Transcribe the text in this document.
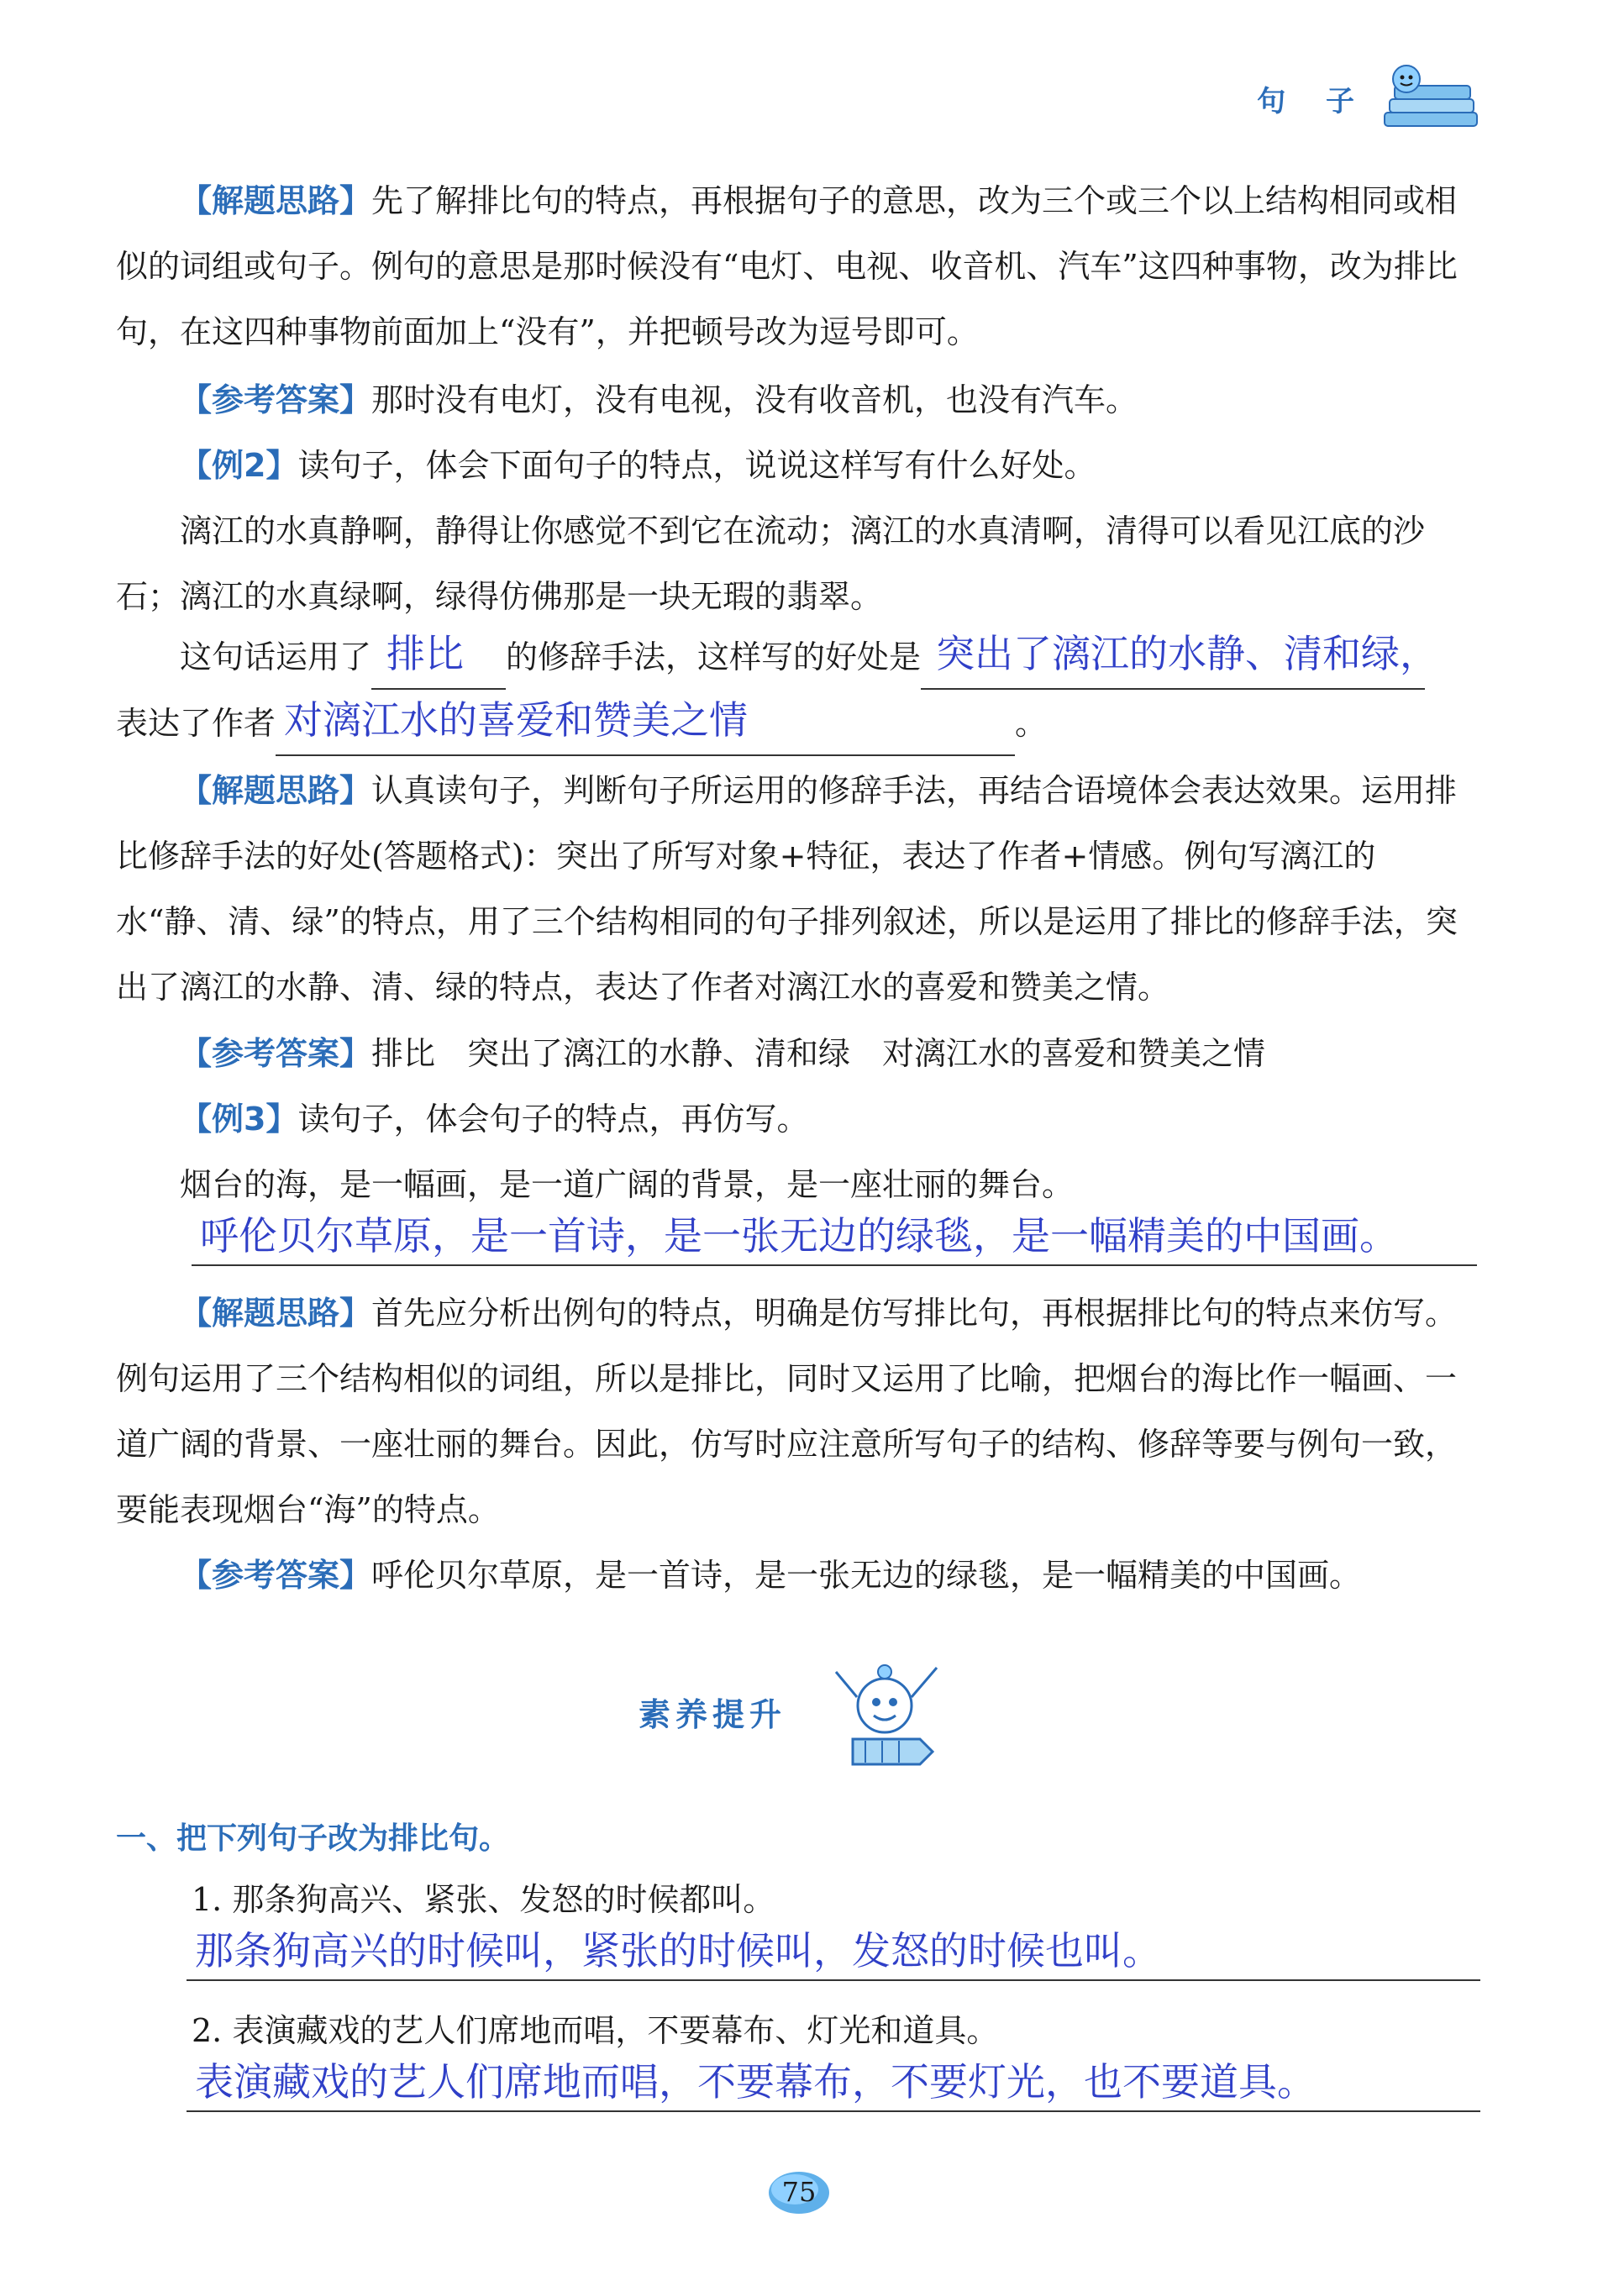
句 子

【解题思路】先了解排比句的特点，再根据句子的意思，改为三个或三个以上结构相同或相似的词组或句子。例句的意思是那时候没有“电灯、电视、收音机、汽车”这四种事物，改为排比句，在这四种事物前面加上“没有”，并把顿号改为逗号即可。

【参考答案】那时没有电灯，没有电视，没有收音机，也没有汽车。

【例2】读句子，体会下面句子的特点，说说这样写有什么好处。

漓江的水真静啊，静得让你感觉不到它在流动；漓江的水真清啊，清得可以看见江底的沙石；漓江的水真绿啊，绿得仿佛那是一块无瑕的翡翠。

这句话运用了 排比 的修辞手法，这样写的好处是 突出了漓江的水静、清和绿，
表达了作者 对漓江水的喜爱和赞美之情	。

【解题思路】认真读句子，判断句子所运用的修辞手法，再结合语境体会表达效果。运用排比修辞手法的好处(答题格式)：突出了所写对象+特征，表达了作者+情感。例句写漓江的水“静、清、绿”的特点，用了三个结构相同的句子排列叙述，所以是运用了排比的修辞手法，突出了漓江的水静、清、绿的特点，表达了作者对漓江水的喜爱和赞美之情。

【参考答案】排比　突出了漓江的水静、清和绿　对漓江水的喜爱和赞美之情

【例3】读句子，体会句子的特点，再仿写。

烟台的海，是一幅画，是一道广阔的背景，是一座壮丽的舞台。

呼伦贝尔草原，是一首诗，是一张无边的绿毯，是一幅精美的中国画。

【解题思路】首先应分析出例句的特点，明确是仿写排比句，再根据排比句的特点来仿写。例句运用了三个结构相似的词组，所以是排比，同时又运用了比喻，把烟台的海比作一幅画、一道广阔的背景、一座壮丽的舞台。因此，仿写时应注意所写句子的结构、修辞等要与例句一致，要能表现烟台“海”的特点。

【参考答案】呼伦贝尔草原，是一首诗，是一张无边的绿毯，是一幅精美的中国画。

素养提升
一、把下列句子改为排比句。
1. 那条狗高兴、紧张、发怒的时候都叫。
那条狗高兴的时候叫，紧张的时候叫，发怒的时候也叫。
2. 表演藏戏的艺人们席地而唱，不要幕布、灯光和道具。
表演藏戏的艺人们席地而唱，不要幕布，不要灯光，也不要道具。
75
